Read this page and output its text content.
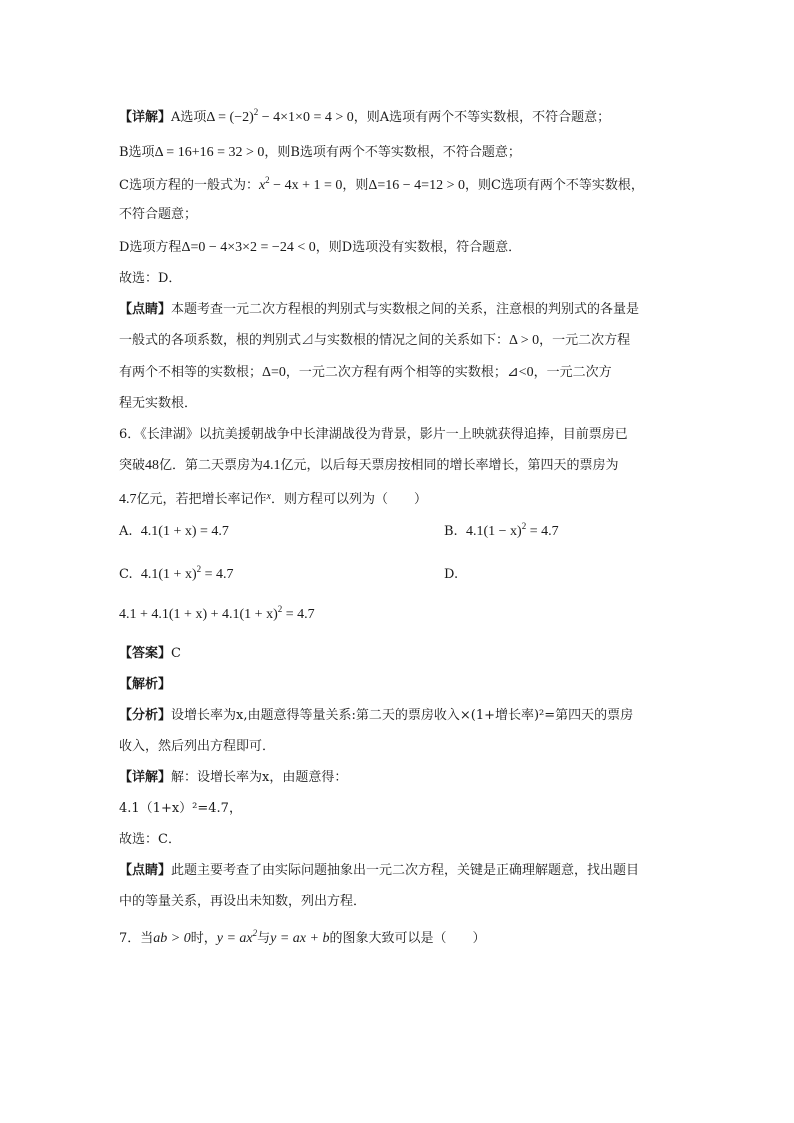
【详解】A选项$\Delta = (-2)^2 - 4\times 1\times 0 = 4 > 0$，则A选项有两个不等实数根，不符合题意；
B选项Δ = 16+16 = 32 > 0，则B选项有两个不等实数根，不符合题意；
C选项方程的一般式为：$x^2 - 4x + 1 = 0$，则Δ=16 − 4=12 > 0，则C选项有两个不等实数根，
不符合题意；
D选项方程Δ=0 − 4×3×2 = −24 < 0，则D选项没有实数根，符合题意．
故选：D．
【点睛】本题考查一元二次方程根的判别式与实数根之间的关系，注意根的判别式的各量是
一般式的各项系数，根的判别式⊿与实数根的情况之间的关系如下：Δ > 0，一元二次方程
有两个不相等的实数根；Δ=0，一元二次方程有两个相等的实数根；⊿<0，一元二次方
程无实数根．
6．《长津湖》以抗美援朝战争中长津湖战役为背景，影片一上映就获得追捧，目前票房已
突破48亿．第二天票房为4.1亿元，以后每天票房按相同的增长率增长，第四天的票房为
4.7亿元，若把增长率记作$^x$．则方程可以列为（　　）
A. 4.1(1 + x) = 4.7	B. $4.1(1 - x)^2 = 4.7$
C. $4.1(1 + x)^2 = 4.7$	D.
$4.1 + 4.1(1 + x) + 4.1(1 + x)^2 = 4.7$
【答案】C
【解析】
【分析】设增长率为x,由题意得等量关系:第二天的票房收入×(1+增长率)²=第四天的票房
收入，然后列出方程即可．
【详解】解：设增长率为x，由题意得：
4.1（1+x）²=4.7，
故选：C．
【点睛】此题主要考查了由实际问题抽象出一元二次方程，关键是正确理解题意，找出题目
中的等量关系，再设出未知数，列出方程．
7．当ab > 0时，$y = ax^2$与y = ax + b的图象大致可以是（　　）
